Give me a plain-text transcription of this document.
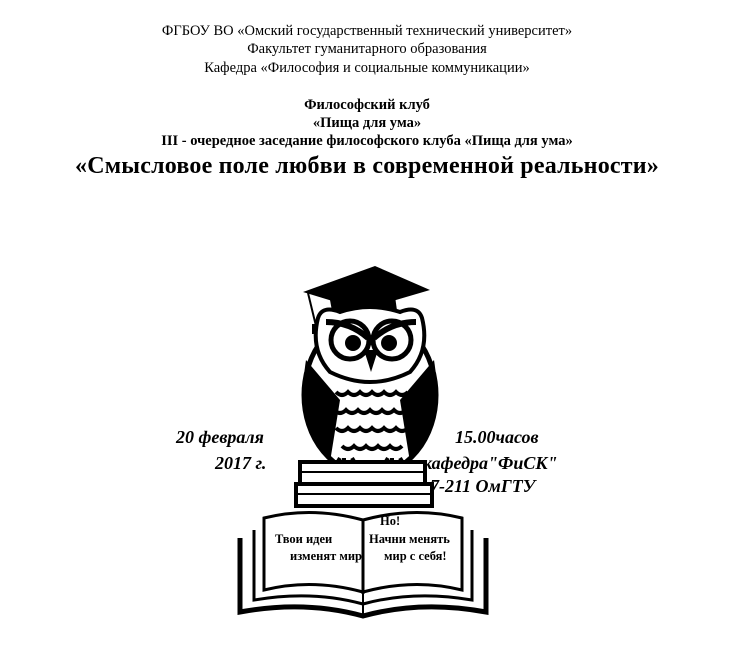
ФГБОУ ВО «Омский государственный технический университет»
Факультет гуманитарного образования
Кафедра «Философия и социальные коммуникации»
Философский клуб
«Пища для ума»
III - очередное заседание философского клуба «Пища для ума»
«Смысловое поле любви в современной реальности»
20 февраля
2017 г.
15.00часов
кафедра"ФиСК"
7-211 ОмГТУ
Твои идеи
изменят мир.
Но!
Начни менять
мир с себя!
